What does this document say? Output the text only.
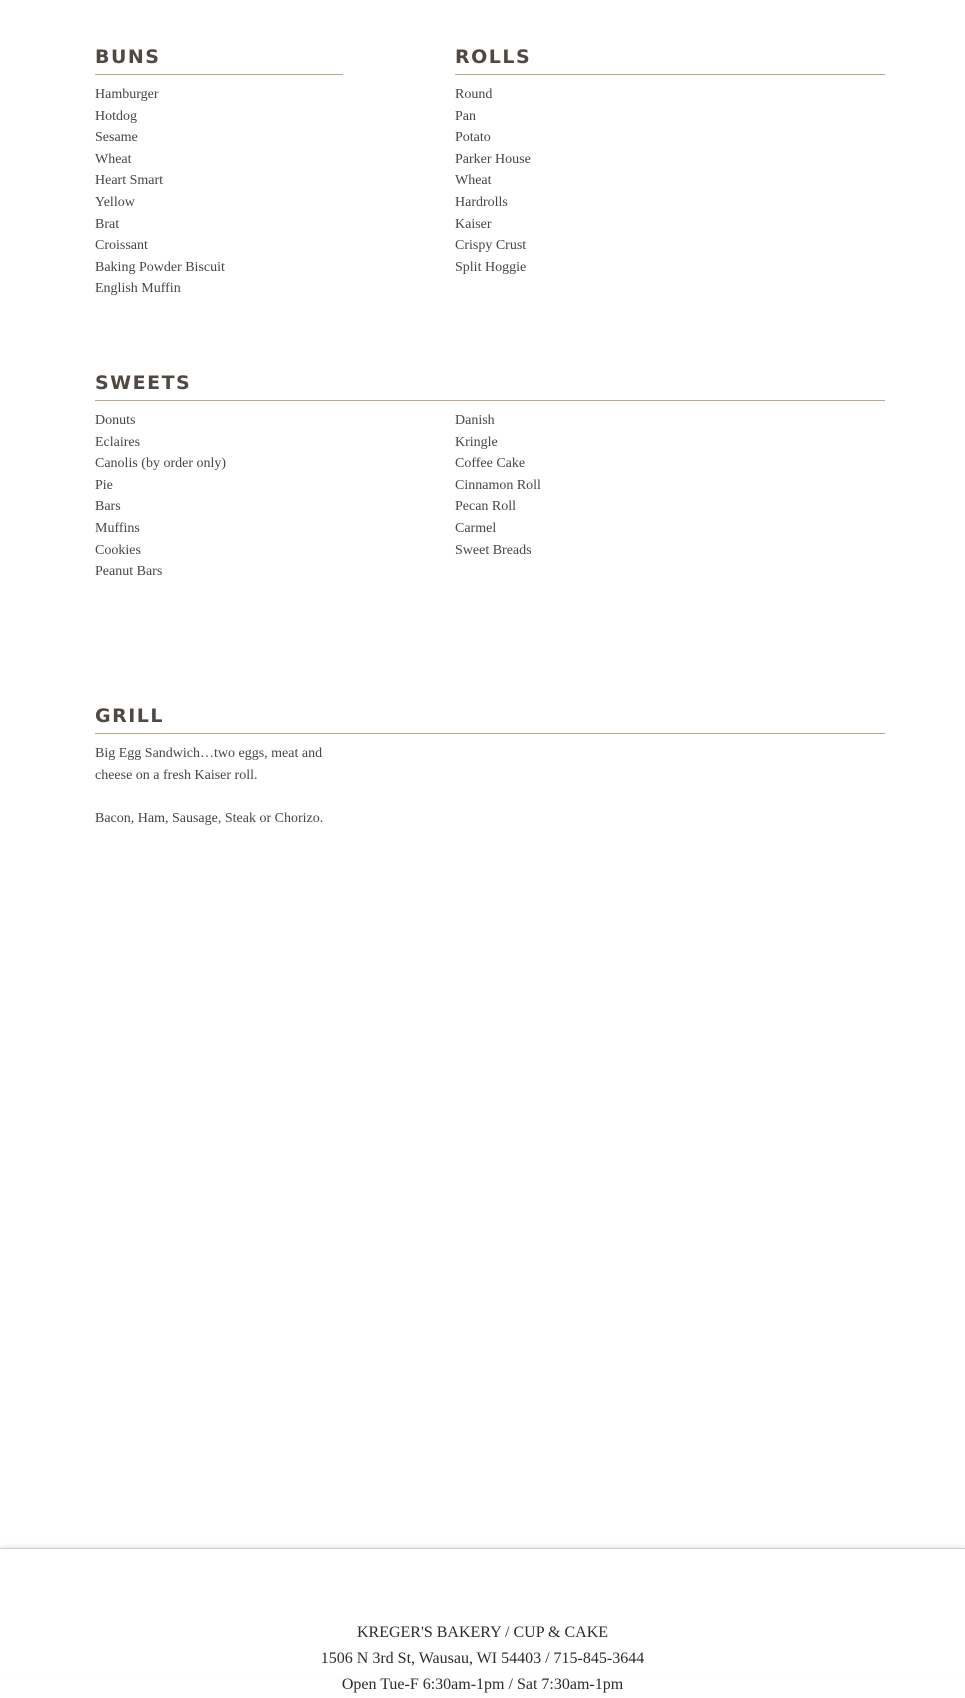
BUNS
Hamburger
Hotdog
Sesame
Wheat
Heart Smart
Yellow
Brat
Croissant
Baking Powder Biscuit
English Muffin
ROLLS
Round
Pan
Potato
Parker House
Wheat
Hardrolls
Kaiser
Crispy Crust
Split Hoggie
SWEETS
Donuts
Eclaires
Canolis (by order only)
Pie
Bars
Muffins
Cookies
Peanut Bars
Danish
Kringle
Coffee Cake
Cinnamon Roll
Pecan Roll
Carmel
Sweet Breads
GRILL

Big Egg Sandwich…two eggs, meat and

cheese on a fresh Kaiser roll.

Bacon, Ham, Sausage, Steak or Chorizo.

KREGER'S BAKERY / CUP & CAKE
1506 N 3rd St, Wausau, WI 54403 / 715-845-3644
Open Tue-F 6:30am-1pm / Sat 7:30am-1pm
